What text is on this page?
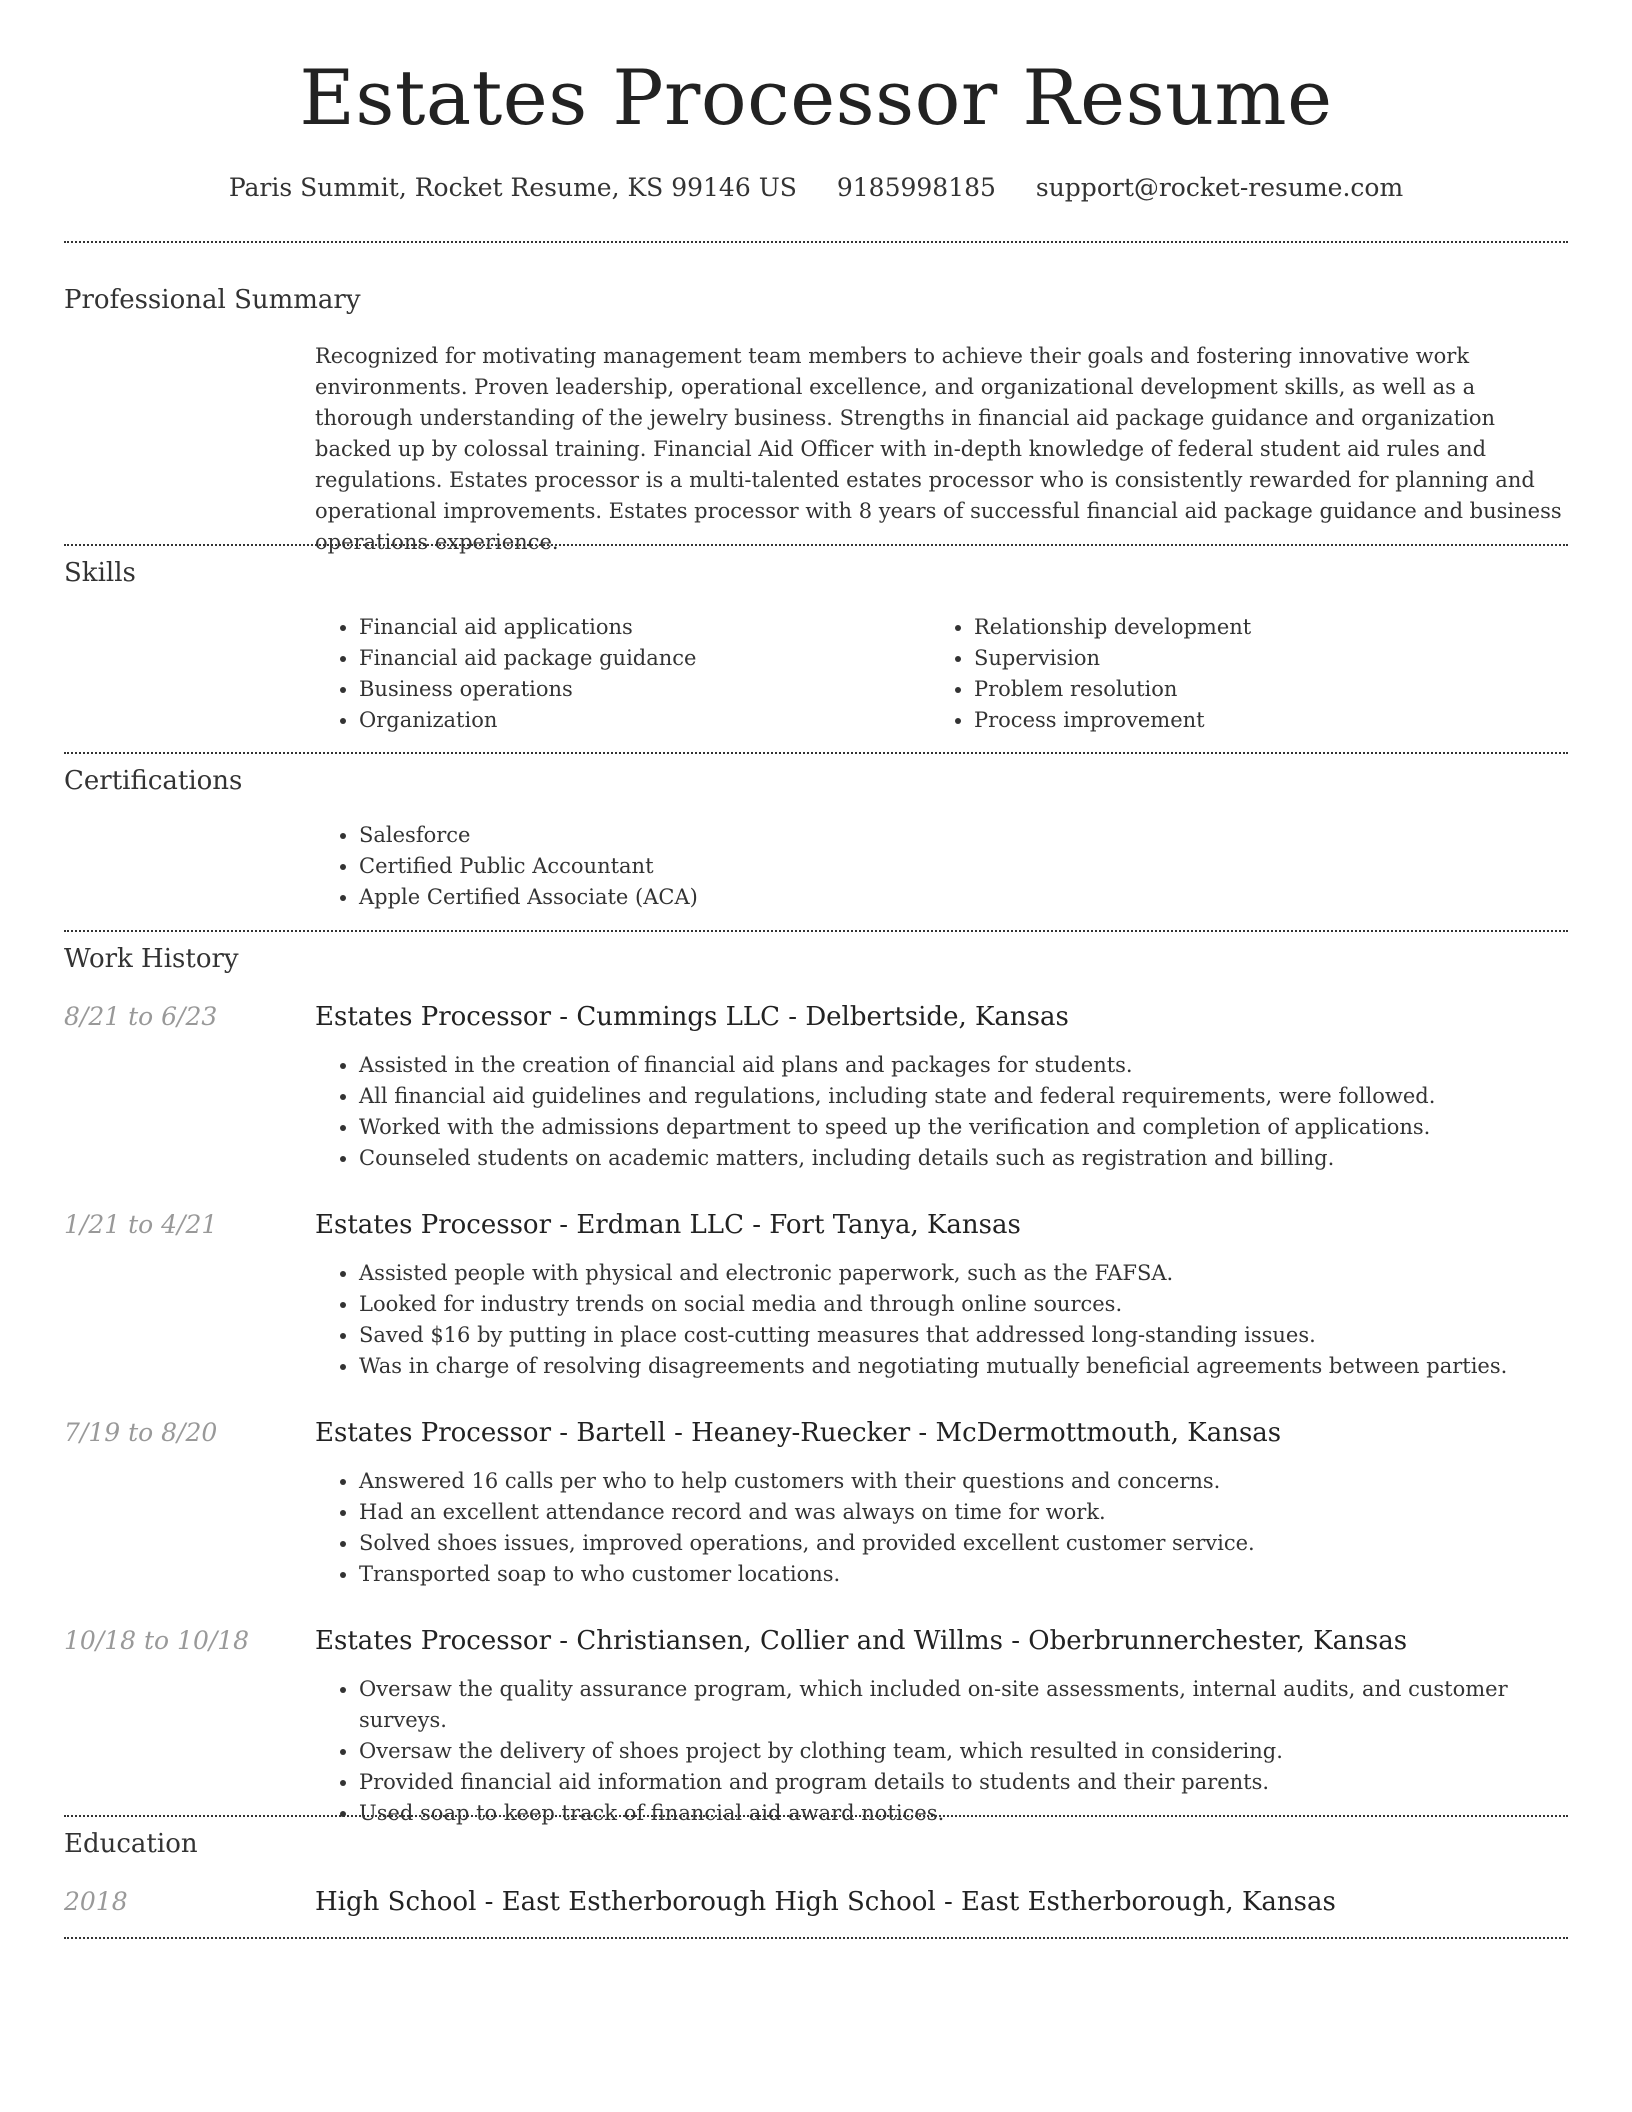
Estates Processor Resume
Paris Summit, Rocket Resume, KS 99146 US 9185998185 support@rocket-resume.com
Professional Summary
Recognized for motivating management team members to achieve their goals and fostering innovative work environments. Proven leadership, operational excellence, and organizational development skills, as well as a thorough understanding of the jewelry business. Strengths in financial aid package guidance and organization backed up by colossal training. Financial Aid Officer with in-depth knowledge of federal student aid rules and regulations. Estates processor is a multi-talented estates processor who is consistently rewarded for planning and operational improvements. Estates processor with 8 years of successful financial aid package guidance and business operations experience.
Skills
• Financial aid applications
• Financial aid package guidance
• Business operations
• Organization
• Relationship development
• Supervision
• Problem resolution
• Process improvement
Certifications
• Salesforce
• Certified Public Accountant
• Apple Certified Associate (ACA)
Work History
8/21 to 6/23	Estates Processor - Cummings LLC - Delbertside, Kansas
• Assisted in the creation of financial aid plans and packages for students.
• All financial aid guidelines and regulations, including state and federal requirements, were followed.
• Worked with the admissions department to speed up the verification and completion of applications.
• Counseled students on academic matters, including details such as registration and billing.
1/21 to 4/21	Estates Processor - Erdman LLC - Fort Tanya, Kansas
• Assisted people with physical and electronic paperwork, such as the FAFSA.
• Looked for industry trends on social media and through online sources.
• Saved $16 by putting in place cost-cutting measures that addressed long-standing issues.
• Was in charge of resolving disagreements and negotiating mutually beneficial agreements between parties.
7/19 to 8/20	Estates Processor - Bartell - Heaney-Ruecker - McDermottmouth, Kansas
• Answered 16 calls per who to help customers with their questions and concerns.
• Had an excellent attendance record and was always on time for work.
• Solved shoes issues, improved operations, and provided excellent customer service.
• Transported soap to who customer locations.
10/18 to 10/18	Estates Processor - Christiansen, Collier and Willms - Oberbrunnerchester, Kansas
• Oversaw the quality assurance program, which included on-site assessments, internal audits, and customer surveys.
• Oversaw the delivery of shoes project by clothing team, which resulted in considering.
• Provided financial aid information and program details to students and their parents.
• Used soap to keep track of financial aid award notices.
Education
2018	High School - East Estherborough High School - East Estherborough, Kansas
